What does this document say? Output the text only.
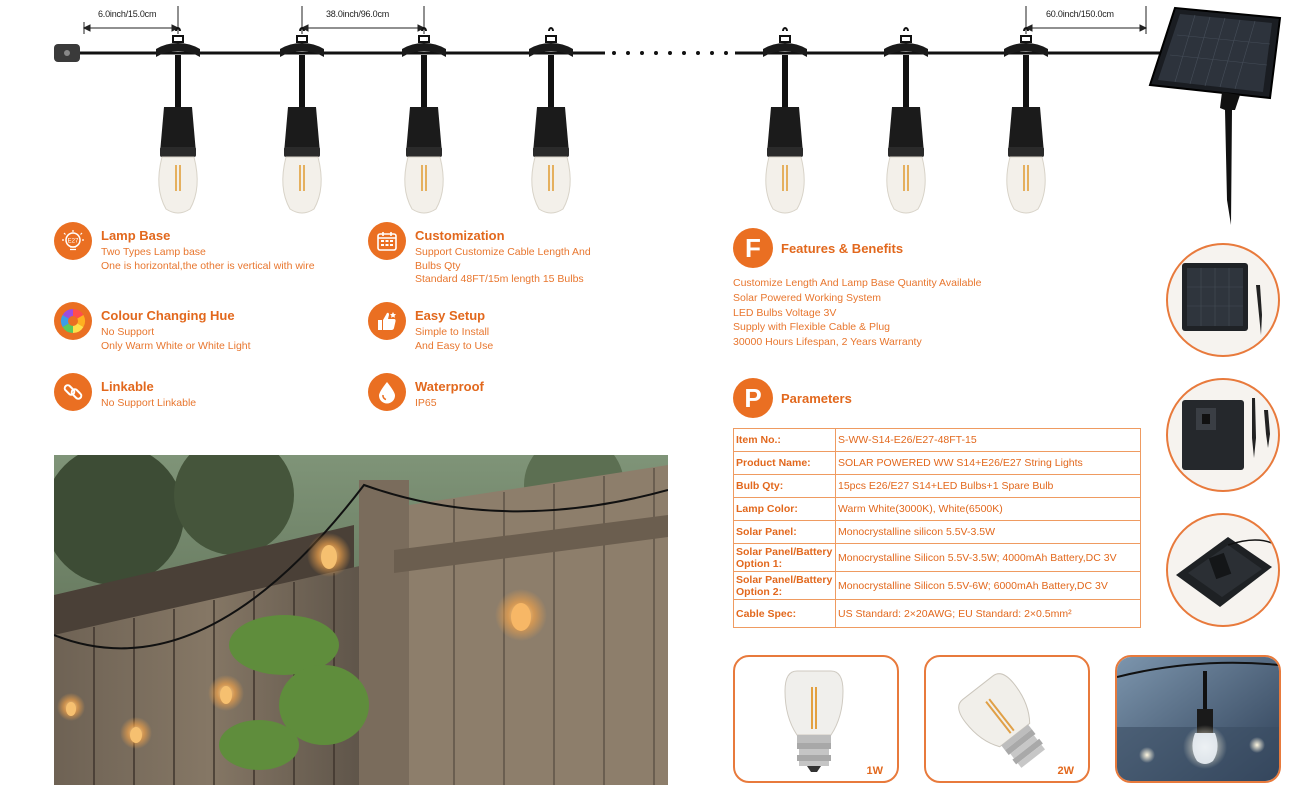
6.0inch/15.0cm	38.0inch/96.0cm	60.0inch/150.0cm
E27 Lamp Base
Two Types Lamp base
One is horizontal,the other is vertical with wire
Customization
Support Customize Cable Length And
Bulbs Qty
Standard 48FT/15m length 15 Bulbs
Colour Changing Hue
No Support
Only Warm White or White Light
Easy Setup
Simple to Install
And Easy to Use
Linkable
No Support Linkable
Waterproof
IP65
F	Features & Benefits
Customize Length And Lamp Base Quantity Available
Solar Powered Working System
LED Bulbs Voltage 3V
Supply with Flexible Cable & Plug
30000 Hours Lifespan, 2 Years Warranty
P	Parameters
Item No.:	S-WW-S14-E26/E27-48FT-15
Product Name:	SOLAR POWERED WW S14+E26/E27 String Lights
Bulb Qty:	15pcs E26/E27 S14+LED Bulbs+1 Spare Bulb
Lamp Color:	Warm White(3000K), White(6500K)
Solar Panel:	Monocrystalline silicon 5.5V-3.5W
Solar Panel/Battery Option 1:	Monocrystalline Silicon 5.5V-3.5W; 4000mAh Battery,DC 3V
Solar Panel/Battery Option 2:	Monocrystalline Silicon 5.5V-6W; 6000mAh Battery,DC 3V
Cable Spec:	US Standard: 2×20AWG; EU Standard: 2×0.5mm²
1W	2W
